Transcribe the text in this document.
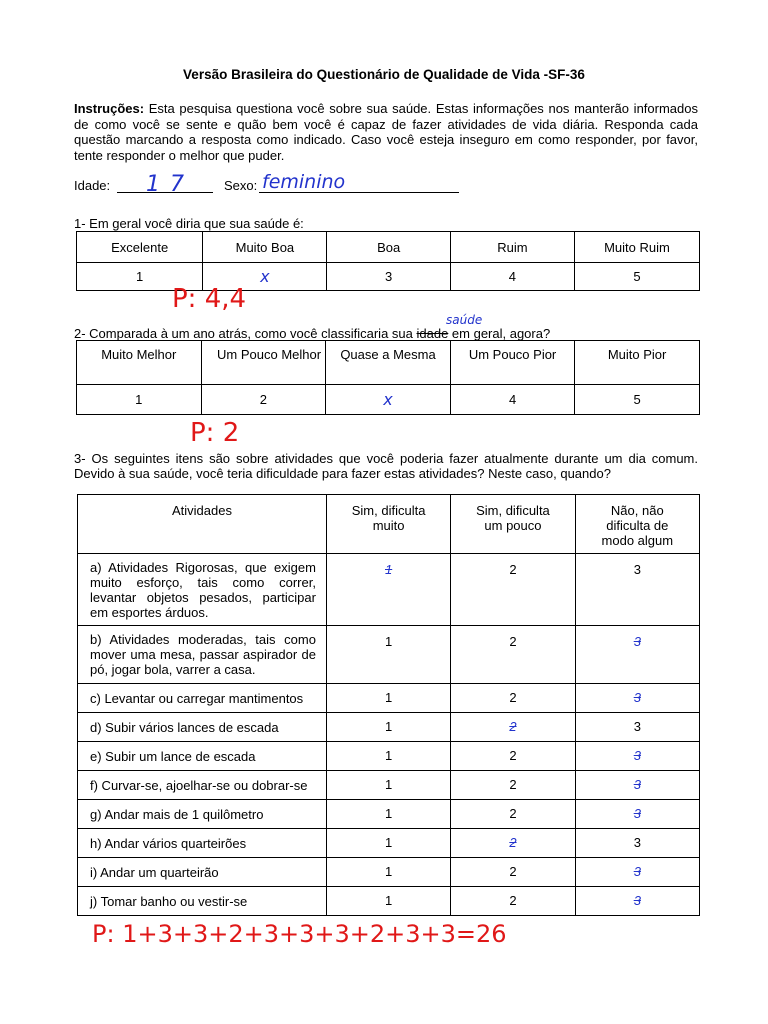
Versão Brasileira do Questionário de Qualidade de Vida -SF-36
Instruções: Esta pesquisa questiona você sobre sua saúde. Estas informações nos manterão informados de como você se sente e quão bem você é capaz de fazer atividades de vida diária. Responda cada questão marcando a resposta como indicado. Caso você esteja inseguro em como responder, por favor, tente responder o melhor que puder.
Idade: 17 Sexo: feminino
1- Em geral você diria que sua saúde é:
Excelente	Muito Boa	Boa	Ruim	Muito Ruim
1	x	3	4	5
P: 4,4
2- Comparada à um ano atrás, como você classificaria sua idade
saúde
em geral, agora?
Muito Melhor	Um Pouco Melhor	Quase a Mesma	Um Pouco Pior	Muito Pior
1	2	x	4	5
P: 2
3- Os seguintes itens são sobre atividades que você poderia fazer atualmente durante um dia comum. Devido à sua saúde, você teria dificuldade para fazer estas atividades? Neste caso, quando?
Atividades	Sim, dificulta muito	Sim, dificulta um pouco	Não, não dificulta de modo algum
a) Atividades Rigorosas, que exigem muito esforço, tais como correr, levantar objetos pesados, participar em esportes árduos.	1	2	3
b) Atividades moderadas, tais como mover uma mesa, passar aspirador de pó, jogar bola, varrer a casa.	1	2	3
c) Levantar ou carregar mantimentos	1	2	3
d) Subir vários lances de escada	1	2	3
e) Subir um lance de escada	1	2	3
f) Curvar-se, ajoelhar-se ou dobrar-se	1	2	3
g) Andar mais de 1 quilômetro	1	2	3
h) Andar vários quarteirões	1	2	3
i) Andar um quarteirão	1	2	3
j) Tomar banho ou vestir-se	1	2	3
P: 1+3+3+2+3+3+3+2+3+3=26
